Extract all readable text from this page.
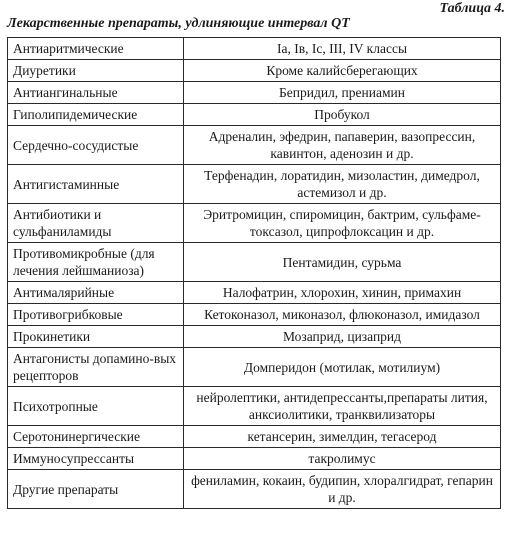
Таблица 4.
Лекарственные препараты, удлиняющие интервал QT
Антиаритмические	Ia, Iв, Ic, III, IV классы
Диуретики	Кроме калийсберегающих
Антиангинальные	Бепридил, прениамин
Гиполипидемические	Пробукол
Сердечно-сосудистые	Адреналин, эфедрин, папаверин, вазопрессин, кавинтон, аденозин и др.
Антигистаминные	Терфенадин, лоратидин, мизоластин, димедрол, астемизол и др.
Антибиотики и сульфаниламиды	Эритромицин, спиромицин, бактрим, сульфаме-токсазол, ципрофлоксацин и др.
Противомикробные (для лечения лейшманиоза)	Пентамидин, сурьма
Антималярийные	Налофатрин, хлорохин, хинин, примахин
Противогрибковые	Кетоконазол, миконазол, флюконазол, имидазол
Прокинетики	Мозаприд, цизаприд
Антагонисты допамино-вых рецепторов	Домперидон (мотилак, мотилиум)
Психотропные	нейролептики, антидепрессанты,препараты лития, анксиолитики, транквилизаторы
Серотонинергические	кетансерин, зимелдин, тегасерод
Иммуносупрессанты	такролимус
Другие препараты	фениламин, кокаин, будипин, хлоралгидрат, гепарин и др.
